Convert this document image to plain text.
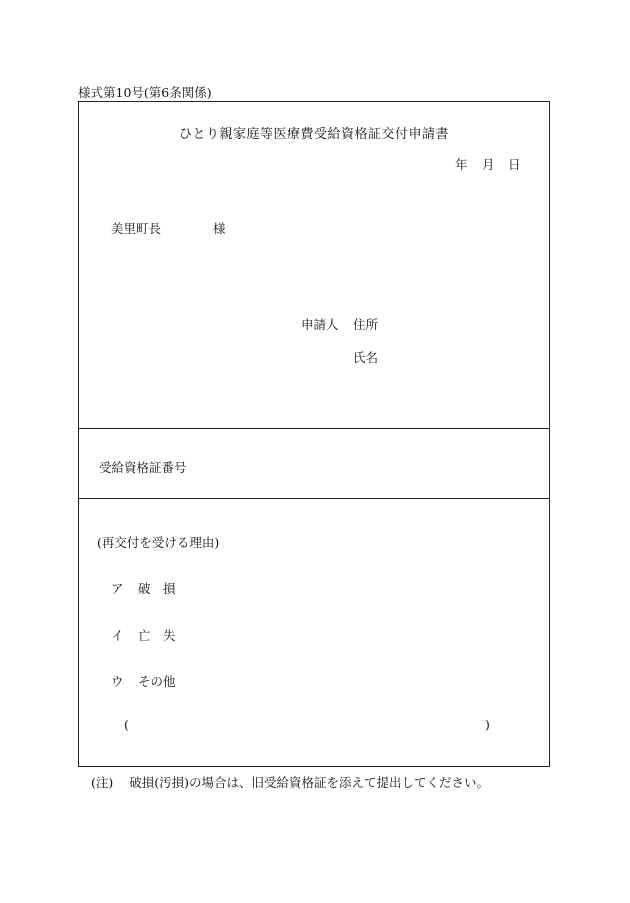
様式第10号(第6条関係)
ひとり親家庭等医療費受給資格証交付申請書
年 月 日
美里町長	様
申請人 住所
氏名
受給資格証番号
(再交付を受ける理由)
ア 破　損
イ 亡　失
ウ その他
(	)
(注) 破損(汚損)の場合は、旧受給資格証を添えて提出してください。
